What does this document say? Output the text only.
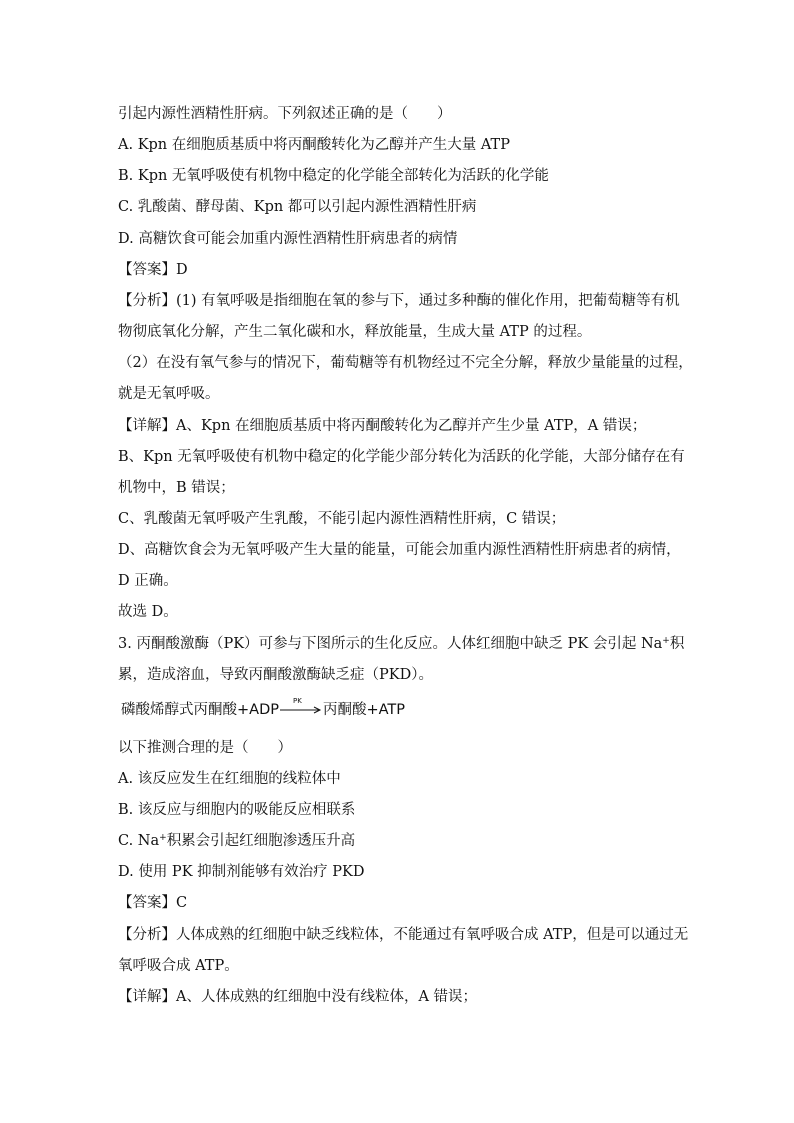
引起内源性酒精性肝病。下列叙述正确的是（　　）
A. Kpn 在细胞质基质中将丙酮酸转化为乙醇并产生大量 ATP
B. Kpn 无氧呼吸使有机物中稳定的化学能全部转化为活跃的化学能
C. 乳酸菌、酵母菌、Kpn 都可以引起内源性酒精性肝病
D. 高糖饮食可能会加重内源性酒精性肝病患者的病情
【答案】D
【分析】(1) 有氧呼吸是指细胞在氧的参与下，通过多种酶的催化作用，把葡萄糖等有机
物彻底氧化分解，产生二氧化碳和水，释放能量，生成大量 ATP 的过程。
（2）在没有氧气参与的情况下，葡萄糖等有机物经过不完全分解，释放少量能量的过程，
就是无氧呼吸。
【详解】A、Kpn 在细胞质基质中将丙酮酸转化为乙醇并产生少量 ATP，A 错误；
B、Kpn 无氧呼吸使有机物中稳定的化学能少部分转化为活跃的化学能，大部分储存在有
机物中，B 错误；
C、乳酸菌无氧呼吸产生乳酸，不能引起内源性酒精性肝病，C 错误；
D、高糖饮食会为无氧呼吸产生大量的能量，可能会加重内源性酒精性肝病患者的病情，
D 正确。
故选 D。
3. 丙酮酸激酶（PK）可参与下图所示的生化反应。人体红细胞中缺乏 PK 会引起 Na+积
累，造成溶血，导致丙酮酸激酶缺乏症（PKD）。
磷酸烯醇式丙酮酸+ADP
PK
丙酮酸+ATP
以下推测合理的是（　　）
A. 该反应发生在红细胞的线粒体中
B. 该反应与细胞内的吸能反应相联系
C. Na+积累会引起红细胞渗透压升高
D. 使用 PK 抑制剂能够有效治疗 PKD
【答案】C
【分析】人体成熟的红细胞中缺乏线粒体，不能通过有氧呼吸合成 ATP，但是可以通过无
氧呼吸合成 ATP。
【详解】A、人体成熟的红细胞中没有线粒体，A 错误；
